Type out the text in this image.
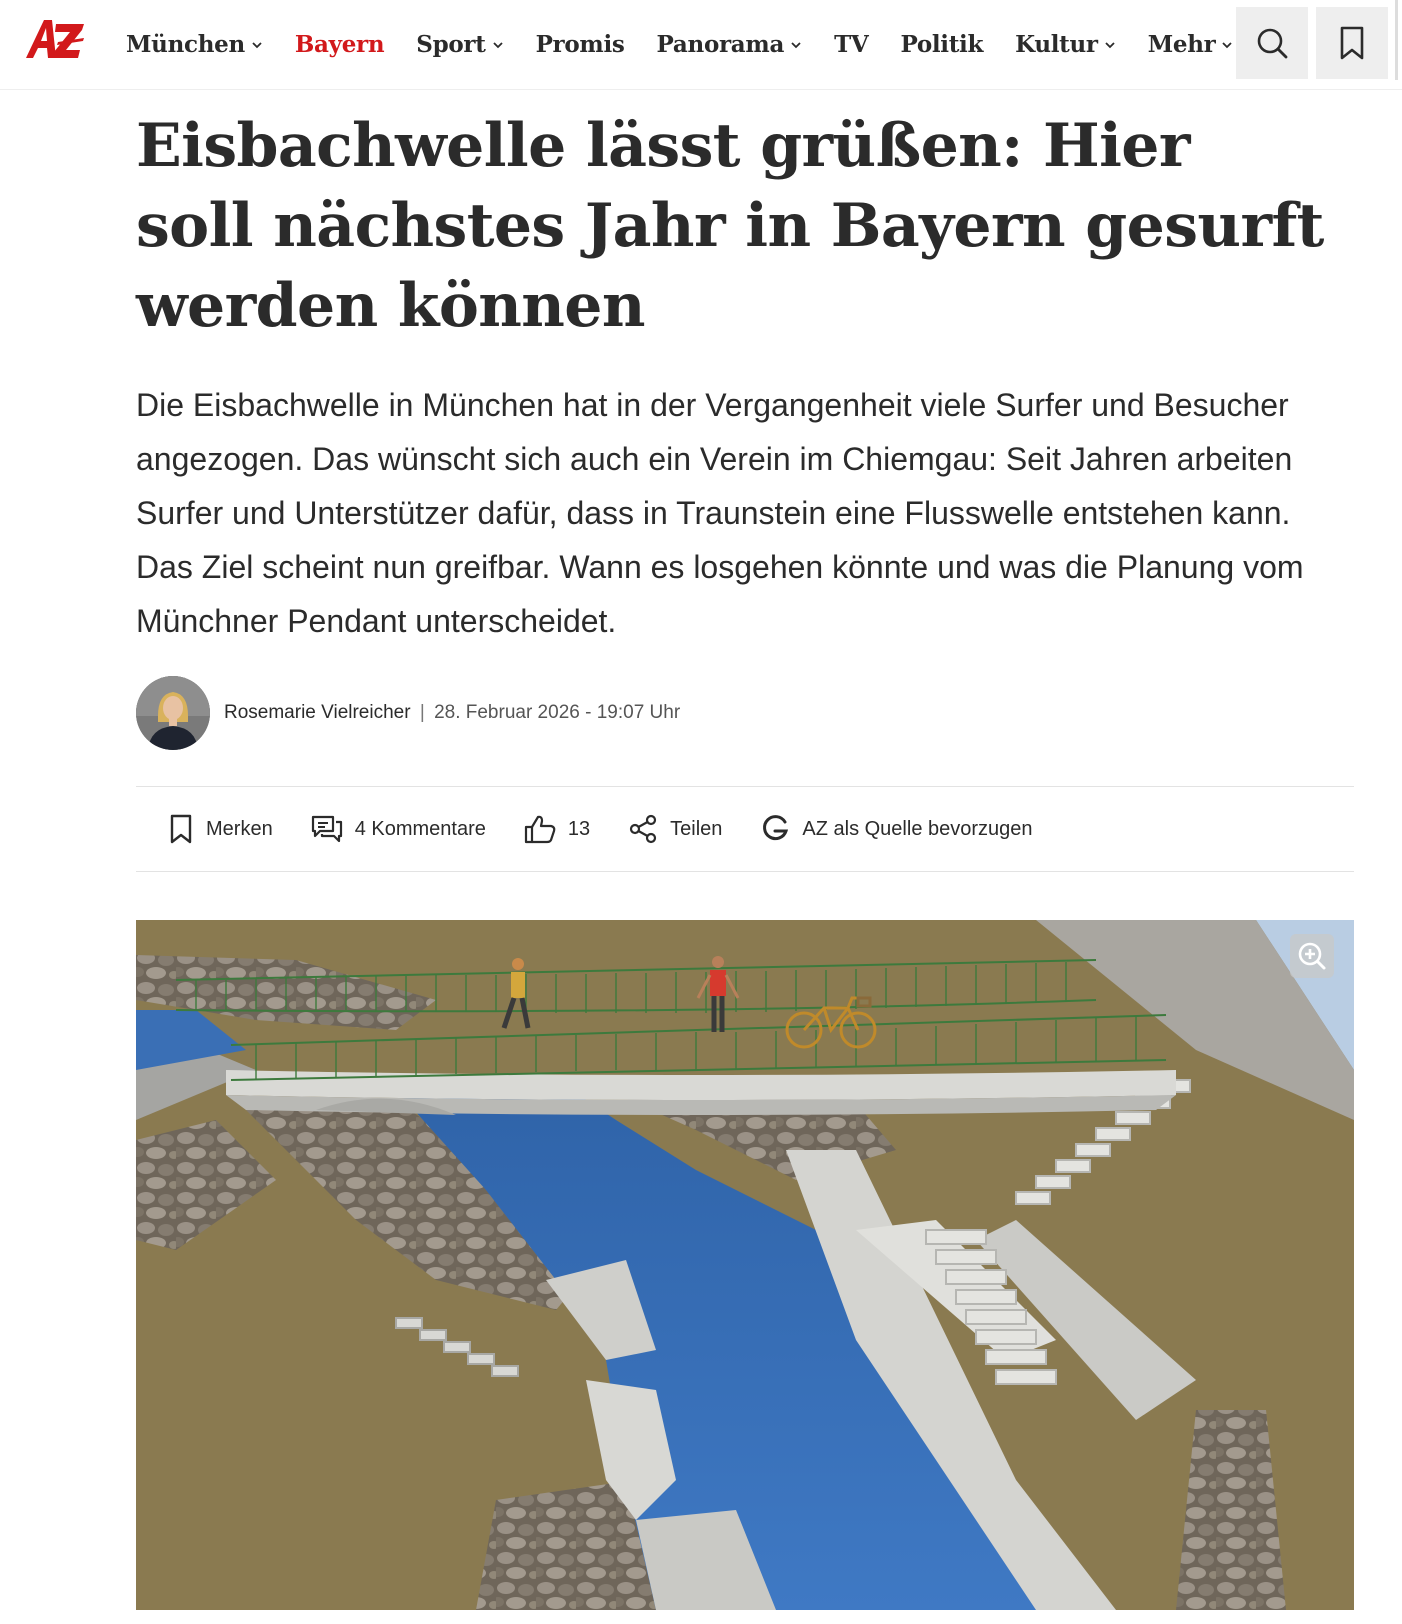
München Bayern Sport Promis Panorama TV Politik Kultur Mehr
Eisbachwelle lässt grüßen: Hier soll nächstes Jahr in Bayern gesurft werden können

Die Eisbachwelle in München hat in der Vergangenheit viele Surfer und Besucher angezogen. Das wünscht sich auch ein Verein im Chiemgau: Seit Jahren arbeiten Surfer und Unterstützer dafür, dass in Traunstein eine Flusswelle entstehen kann. Das Ziel scheint nun greifbar. Wann es losgehen könnte und was die Planung vom Münchner Pendant unterscheidet.

Rosemarie Vielreicher | 28. Februar 2026 - 19:07 Uhr
Merken	4 Kommentare	13	Teilen	AZ als Quelle bevorzugen
